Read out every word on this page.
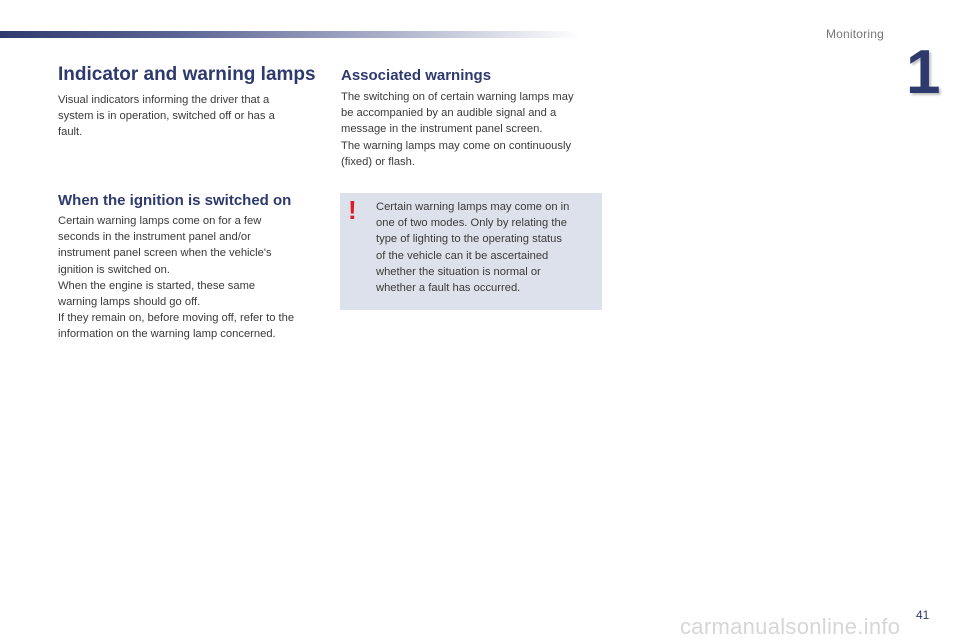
Monitoring
1
Indicator and warning lamps

Visual indicators informing the driver that a
system is in operation, switched off or has a
fault.

When the ignition is switched on

Certain warning lamps come on for a few
seconds in the instrument panel and/or
instrument panel screen when the vehicle's
ignition is switched on.
When the engine is started, these same
warning lamps should go off.
If they remain on, before moving off, refer to the
information on the warning lamp concerned.

Associated warnings

The switching on of certain warning lamps may
be accompanied by an audible signal and a
message in the instrument panel screen.
The warning lamps may come on continuously
(fixed) or flash.

! Certain warning lamps may come on in
one of two modes. Only by relating the
type of lighting to the operating status
of the vehicle can it be ascertained
whether the situation is normal or
whether a fault has occurred.

carmanualsonline.info 41
